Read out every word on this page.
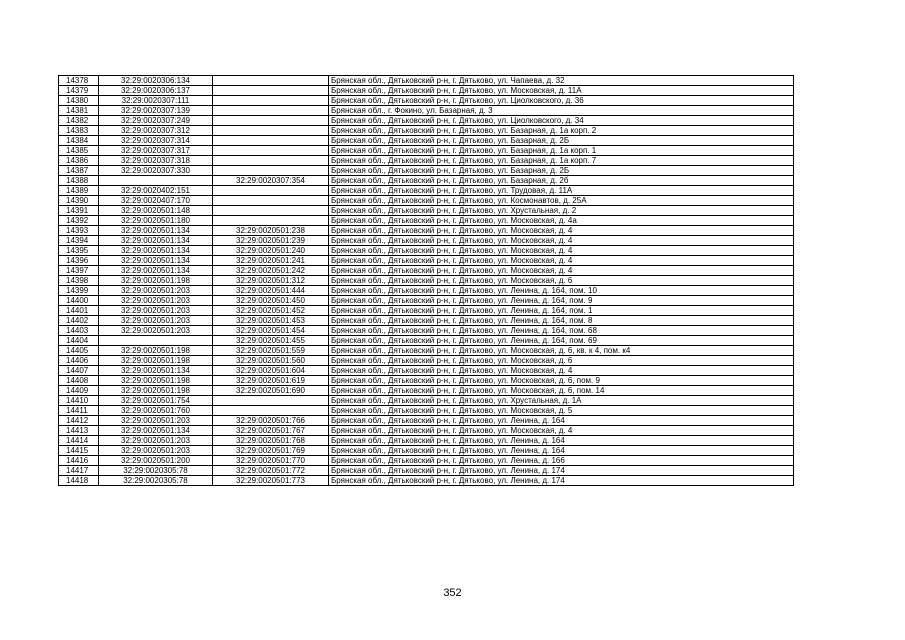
14378	32:29:0020306:134		Брянская обл., Дятьковский р-н, г. Дятьково, ул. Чапаева, д. 32
14379	32:29:0020306:137		Брянская обл., Дятьковский р-н, г. Дятьково, ул. Московская, д. 11А
14380	32:29:0020307:111		Брянская обл., Дятьковский р-н, г. Дятьково, ул. Циолковского, д. 36
14381	32:29:0020307:139		Брянская обл., г. Фокино, ул. Базарная, д. 3
14382	32:29:0020307:249		Брянская обл., Дятьковский р-н, г. Дятьково, ул. Циолковского, д. 34
14383	32:29:0020307:312		Брянская обл., Дятьковский р-н, г. Дятьково, ул. Базарная, д. 1а корп. 2
14384	32:29:0020307:314		Брянская обл., Дятьковский р-н, г. Дятьково, ул. Базарная, д. 2Б
14385	32:29:0020307:317		Брянская обл., Дятьковский р-н, г. Дятьково, ул. Базарная, д. 1а корп. 1
14386	32:29:0020307:318		Брянская обл., Дятьковский р-н, г. Дятьково, ул. Базарная, д. 1а корп. 7
14387	32:29:0020307:330		Брянская обл., Дятьковский р-н, г. Дятьково, ул. Базарная, д. 2Б
14388		32:29:0020307:354	Брянская обл., Дятьковский р-н, г. Дятьково, ул. Базарная, д. 2б
14389	32:29:0020402:151		Брянская обл., Дятьковский р-н, г. Дятьково, ул. Трудовая, д. 11А
14390	32:29:0020407:170		Брянская обл., Дятьковский р-н, г. Дятьково, ул. Космонавтов, д. 25А
14391	32:29:0020501:148		Брянская обл., Дятьковский р-н, г. Дятьково, ул. Хрустальная, д. 2
14392	32:29:0020501:180		Брянская обл., Дятьковский р-н, г. Дятьково, ул. Московская, д. 4а
14393	32:29:0020501:134	32:29:0020501:238	Брянская обл., Дятьковский р-н, г. Дятьково, ул. Московская, д. 4
14394	32:29:0020501:134	32:29:0020501:239	Брянская обл., Дятьковский р-н, г. Дятьково, ул. Московская, д. 4
14395	32:29:0020501:134	32:29:0020501:240	Брянская обл., Дятьковский р-н, г. Дятьково, ул. Московская, д. 4
14396	32:29:0020501:134	32:29:0020501:241	Брянская обл., Дятьковский р-н, г. Дятьково, ул. Московская, д. 4
14397	32:29:0020501:134	32:29:0020501:242	Брянская обл., Дятьковский р-н, г. Дятьково, ул. Московская, д. 4
14398	32:29:0020501:198	32:29:0020501:312	Брянская обл., Дятьковский р-н, г. Дятьково, ул. Московская, д. 6
14399	32:29:0020501:203	32:29:0020501:444	Брянская обл., Дятьковский р-н, г. Дятьково, ул. Ленина, д. 164, пом. 10
14400	32:29:0020501:203	32:29:0020501:450	Брянская обл., Дятьковский р-н, г. Дятьково, ул. Ленина, д. 164, пом. 9
14401	32:29:0020501:203	32:29:0020501:452	Брянская обл., Дятьковский р-н, г. Дятьково, ул. Ленина, д. 164, пом. 1
14402	32:29:0020501:203	32:29:0020501:453	Брянская обл., Дятьковский р-н, г. Дятьково, ул. Ленина, д. 164, пом. 8
14403	32:29:0020501:203	32:29:0020501:454	Брянская обл., Дятьковский р-н, г. Дятьково, ул. Ленина, д. 164, пом. 68
14404		32:29:0020501:455	Брянская обл., Дятьковский р-н, г. Дятьково, ул. Ленина, д. 164, пом. 69
14405	32:29:0020501:198	32:29:0020501:559	Брянская обл., Дятьковский р-н, г. Дятьково, ул. Московская, д. 6, кв. к 4, пом. к4
14406	32:29:0020501:198	32:29:0020501:560	Брянская обл., Дятьковский р-н, г. Дятьково, ул. Московская, д. 6
14407	32:29:0020501:134	32:29:0020501:604	Брянская обл., Дятьковский р-н, г. Дятьково, ул. Московская, д. 4
14408	32:29:0020501:198	32:29:0020501:619	Брянская обл., Дятьковский р-н, г. Дятьково, ул. Московская, д. 6, пом. 9
14409	32:29:0020501:198	32:29:0020501:690	Брянская обл., Дятьковский р-н, г. Дятьково, ул. Московская, д. 6, пом. 14
14410	32:29:0020501:754		Брянская обл., Дятьковский р-н, г. Дятьково, ул. Хрустальная, д. 1А
14411	32:29:0020501:760		Брянская обл., Дятьковский р-н, г. Дятьково, ул. Московская, д. 5
14412	32:29:0020501:203	32:29:0020501:766	Брянская обл., Дятьковский р-н, г. Дятьково, ул. Ленина, д. 164
14413	32:29:0020501:134	32:29:0020501:767	Брянская обл., Дятьковский р-н, г. Дятьково, ул. Московская, д. 4
14414	32:29:0020501:203	32:29:0020501:768	Брянская обл., Дятьковский р-н, г. Дятьково, ул. Ленина, д. 164
14415	32:29:0020501:203	32:29:0020501:769	Брянская обл., Дятьковский р-н, г. Дятьково, ул. Ленина, д. 164
14416	32:29:0020501:200	32:29:0020501:770	Брянская обл., Дятьковский р-н, г. Дятьково, ул. Ленина, д. 166
14417	32:29:0020305:78	32:29:0020501:772	Брянская обл., Дятьковский р-н, г. Дятьково, ул. Ленина, д. 174
14418	32:29:0020305:78	32:29:0020501:773	Брянская обл., Дятьковский р-н, г. Дятьково, ул. Ленина, д. 174
352
